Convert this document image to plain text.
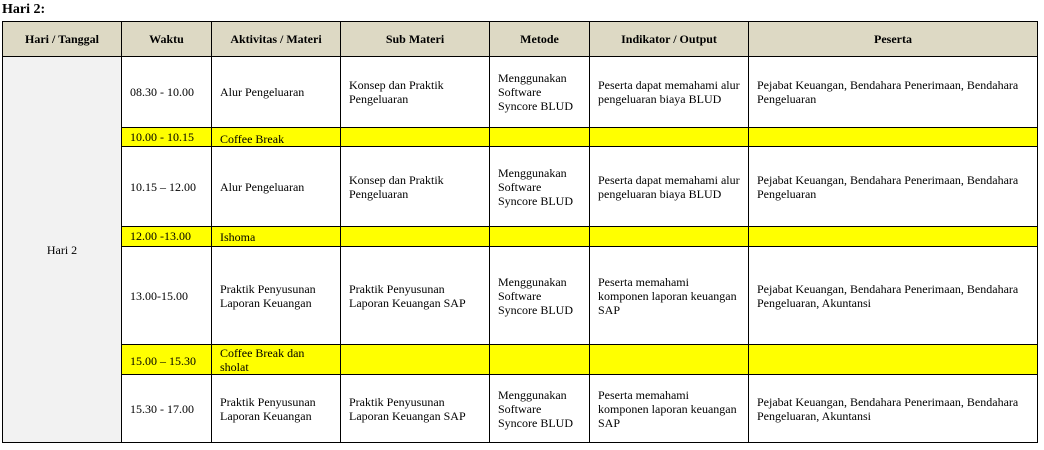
Hari 2:
Hari / Tanggal	Waktu	Aktivitas / Materi	Sub Materi	Metode	Indikator / Output	Peserta
Hari 2	08.30 - 10.00	Alur Pengeluaran	Konsep dan Praktik Pengeluaran	Menggunakan Software Syncore BLUD	Peserta dapat memahami alur pengeluaran biaya BLUD	Pejabat Keuangan, Bendahara Penerimaan, Bendahara Pengeluaran
	10.00 - 10.15	Coffee Break				
	10.15 – 12.00	Alur Pengeluaran	Konsep dan Praktik Pengeluaran	Menggunakan Software Syncore BLUD	Peserta dapat memahami alur pengeluaran biaya BLUD	Pejabat Keuangan, Bendahara Penerimaan, Bendahara Pengeluaran
	12.00 -13.00	Ishoma				
	13.00-15.00	Praktik Penyusunan Laporan Keuangan	Praktik Penyusunan Laporan Keuangan SAP	Menggunakan Software Syncore BLUD	Peserta memahami komponen laporan keuangan SAP	Pejabat Keuangan, Bendahara Penerimaan, Bendahara Pengeluaran, Akuntansi
	15.00 – 15.30	Coffee Break dan sholat				
	15.30 - 17.00	Praktik Penyusunan Laporan Keuangan	Praktik Penyusunan Laporan Keuangan SAP	Menggunakan Software Syncore BLUD	Peserta memahami komponen laporan keuangan SAP	Pejabat Keuangan, Bendahara Penerimaan, Bendahara Pengeluaran, Akuntansi
